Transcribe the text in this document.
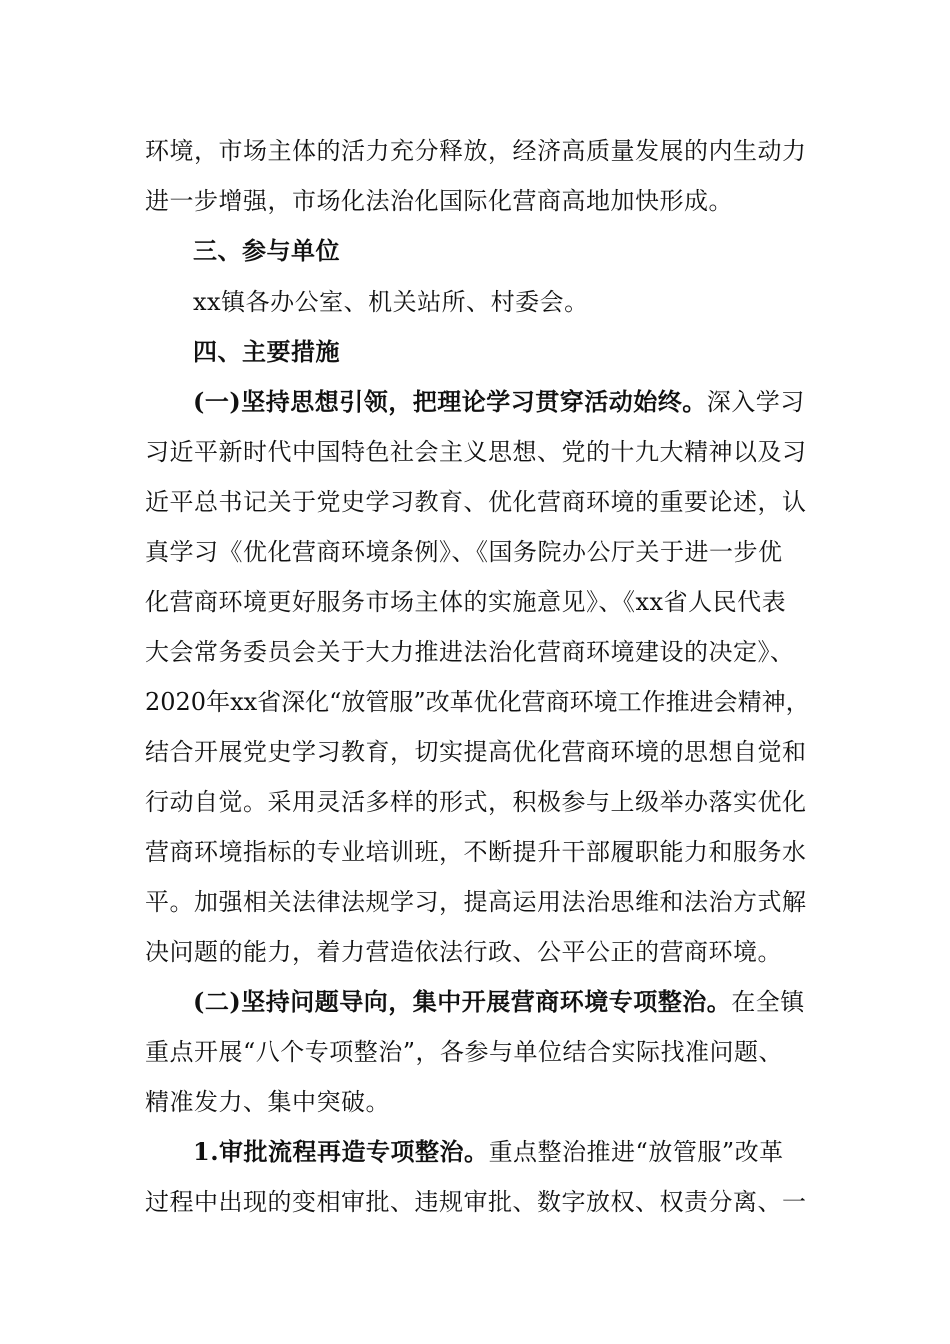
环境，市场主体的活力充分释放，经济高质量发展的内生动力
进一步增强，市场化法治化国际化营商高地加快形成。
三、参与单位
xx镇各办公室、机关站所、村委会。
四、主要措施
(一)坚持思想引领，把理论学习贯穿活动始终。深入学习
习近平新时代中国特色社会主义思想、党的十九大精神以及习
近平总书记关于党史学习教育、优化营商环境的重要论述，认
真学习《优化营商环境条例》、《国务院办公厅关于进一步优
化营商环境更好服务市场主体的实施意见》、《xx省人民代表
大会常务委员会关于大力推进法治化营商环境建设的决定》、
2020年xx省深化“放管服”改革优化营商环境工作推进会精神，
结合开展党史学习教育，切实提高优化营商环境的思想自觉和
行动自觉。采用灵活多样的形式，积极参与上级举办落实优化
营商环境指标的专业培训班，不断提升干部履职能力和服务水
平。加强相关法律法规学习，提高运用法治思维和法治方式解
决问题的能力，着力营造依法行政、公平公正的营商环境。
(二)坚持问题导向，集中开展营商环境专项整治。在全镇
重点开展“八个专项整治”，各参与单位结合实际找准问题、
精准发力、集中突破。
1.审批流程再造专项整治。重点整治推进“放管服”改革
过程中出现的变相审批、违规审批、数字放权、权责分离、一
